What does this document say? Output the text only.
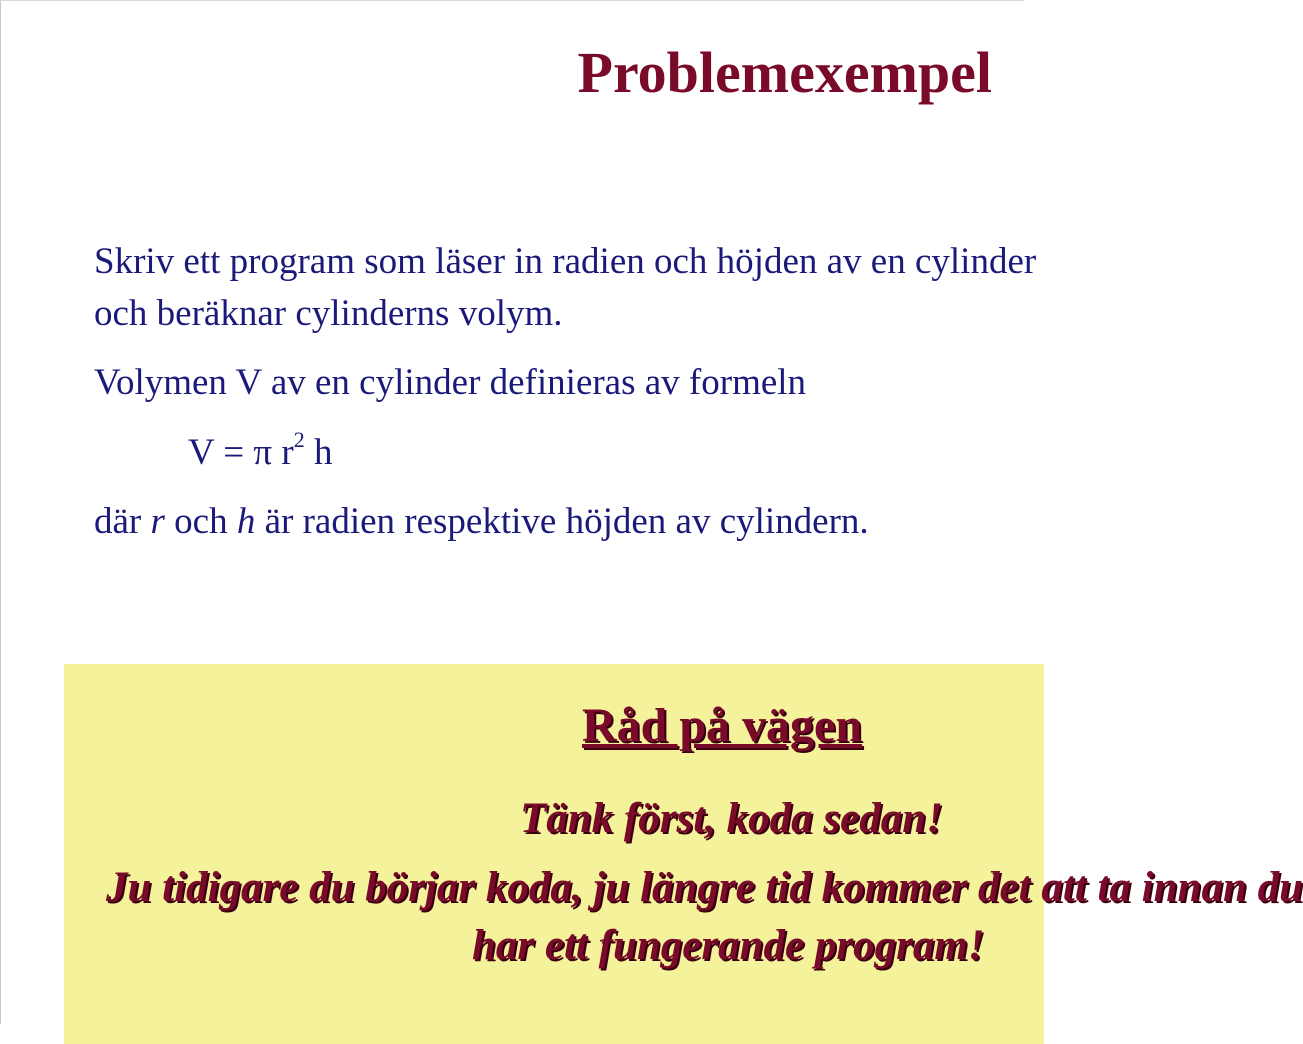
Problemexempel

Skriv ett program som läser in radien och höjden av en cylinder

och beräknar cylinderns volym.

Volymen V av en cylinder definieras av formeln

V = π $r^2$ h

där r och h är radien respektive höjden av cylindern.

Råd på vägen

Tänk först, koda sedan!

Ju tidigare du börjar koda, ju längre tid kommer det att ta innan du

har ett fungerande program!
